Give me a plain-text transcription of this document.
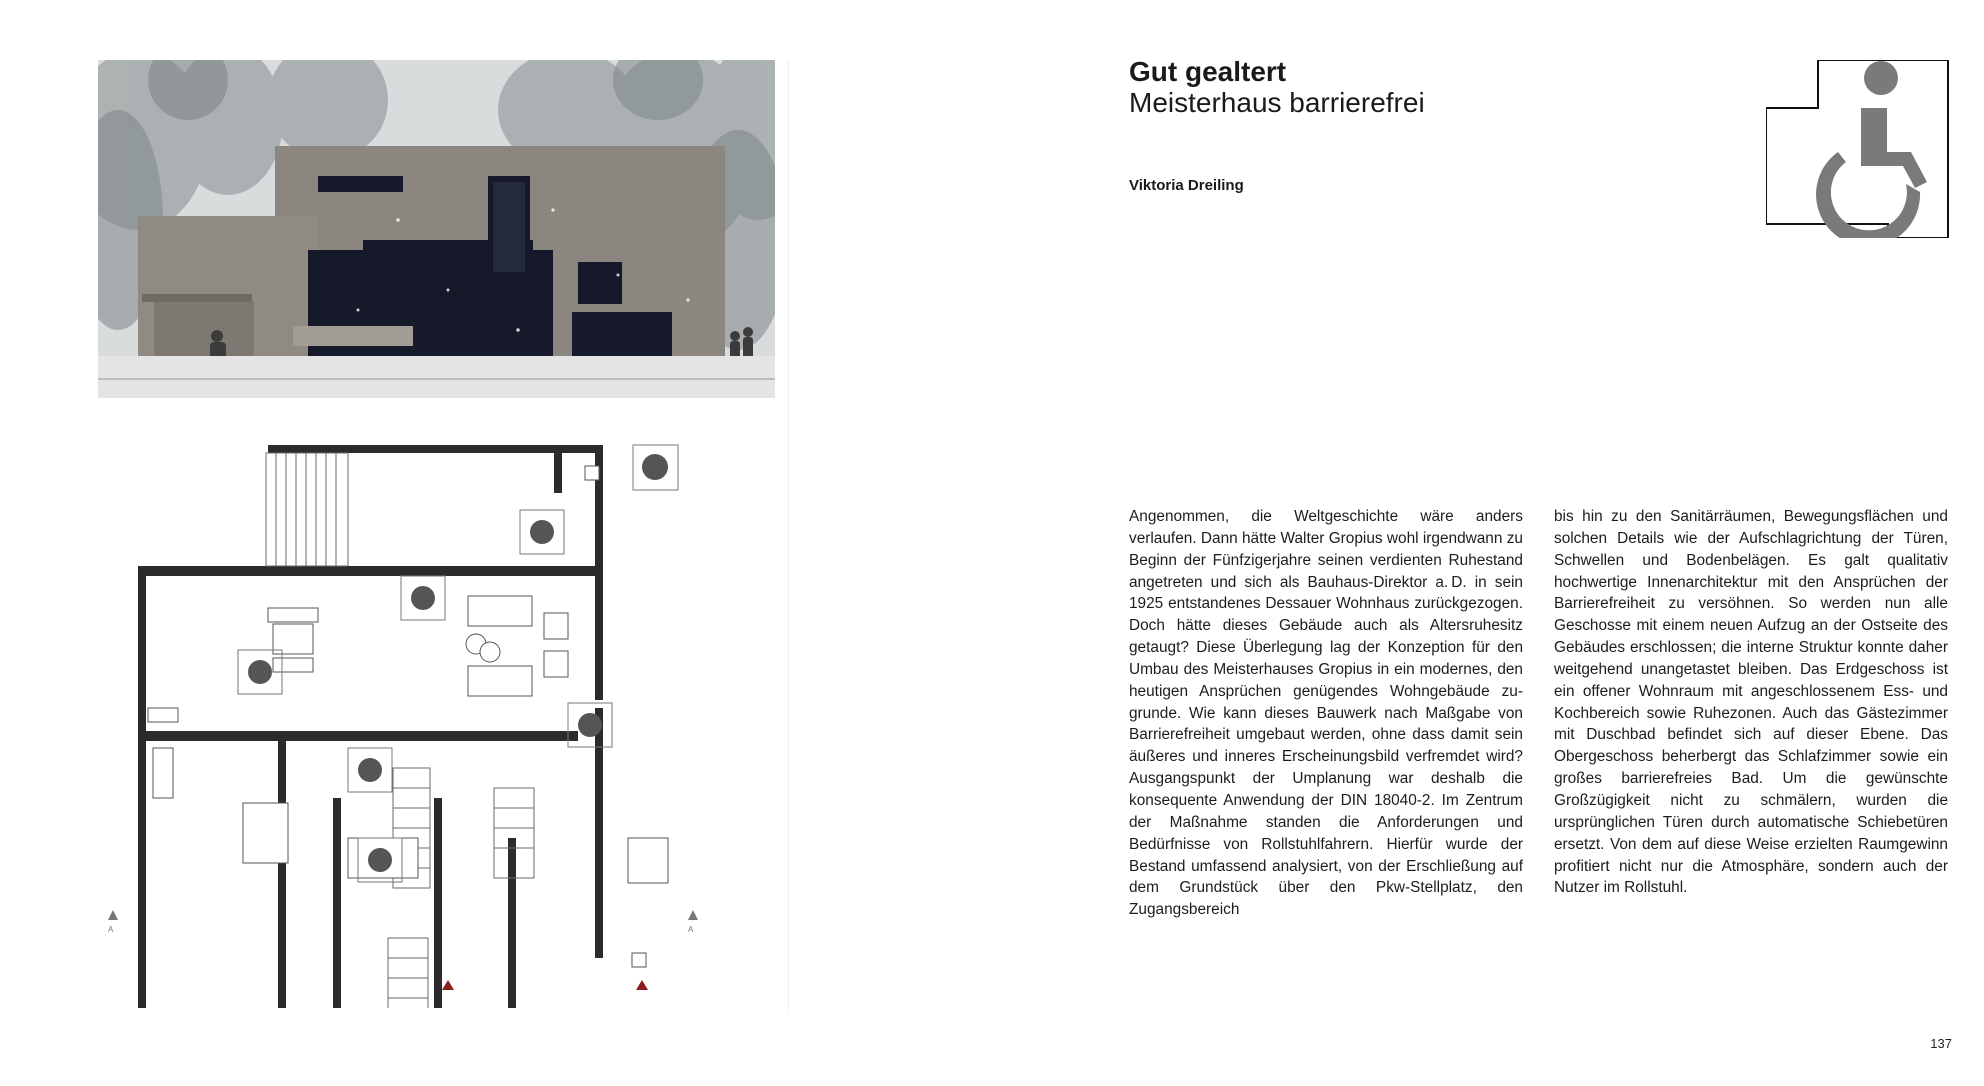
A	A
Gut gealtert
Meisterhaus barrierefrei
Viktoria Dreiling

Angenommen, die Weltgeschichte wäre anders verlaufen. Dann hätte Walter Gropius wohl irgendwann zu Beginn der Fünfzigerjahre seinen verdienten Ruhestand angetreten und sich als Bauhaus-Direktor a. D. in sein 1925 entstandenes Dessauer Wohnhaus zurückgezogen. Doch hätte dieses Gebäude auch als Altersruhesitz getaugt? Diese Überlegung lag der Konzeption für den Umbau des Meisterhauses Gropius in ein modernes, den heutigen Ansprüchen genügendes Wohngebäude zugrunde. Wie kann dieses Bauwerk nach Maßgabe von Barrierefreiheit umgebaut werden, ohne dass damit sein äußeres und inneres Erscheinungsbild verfremdet wird? Ausgangspunkt der Umplanung war deshalb die konsequente Anwendung der DIN 18040-2. Im Zentrum der Maßnahme standen die Anforderungen und Bedürfnisse von Rollstuhlfahrern. Hierfür wurde der Bestand umfassend analysiert, von der Erschließung auf dem Grundstück über den Pkw-Stellplatz, den Zugangsbereich

bis hin zu den Sanitärräumen, Bewegungsflächen und solchen Details wie der Aufschlagrichtung der Türen, Schwellen und Bodenbelägen. Es galt qualitativ hochwertige Innenarchitektur mit den Ansprüchen der Barrierefreiheit zu versöhnen. So werden nun alle Geschosse mit einem neuen Aufzug an der Ostseite des Gebäudes erschlossen; die interne Struktur konnte daher weitgehend unangetastet bleiben. Das Erdgeschoss ist ein offener Wohnraum mit angeschlossenem Ess- und Kochbereich sowie Ruhezonen. Auch das Gästezimmer mit Duschbad befindet sich auf dieser Ebene. Das Obergeschoss beherbergt das Schlafzimmer sowie ein großes barrierefreies Bad. Um die gewünschte Großzügigkeit nicht zu schmälern, wurden die ursprünglichen Türen durch automatische Schiebetüren ersetzt. Von dem auf diese Weise erzielten Raumgewinn profitiert nicht nur die Atmosphäre, sondern auch der Nutzer im Rollstuhl.

137
